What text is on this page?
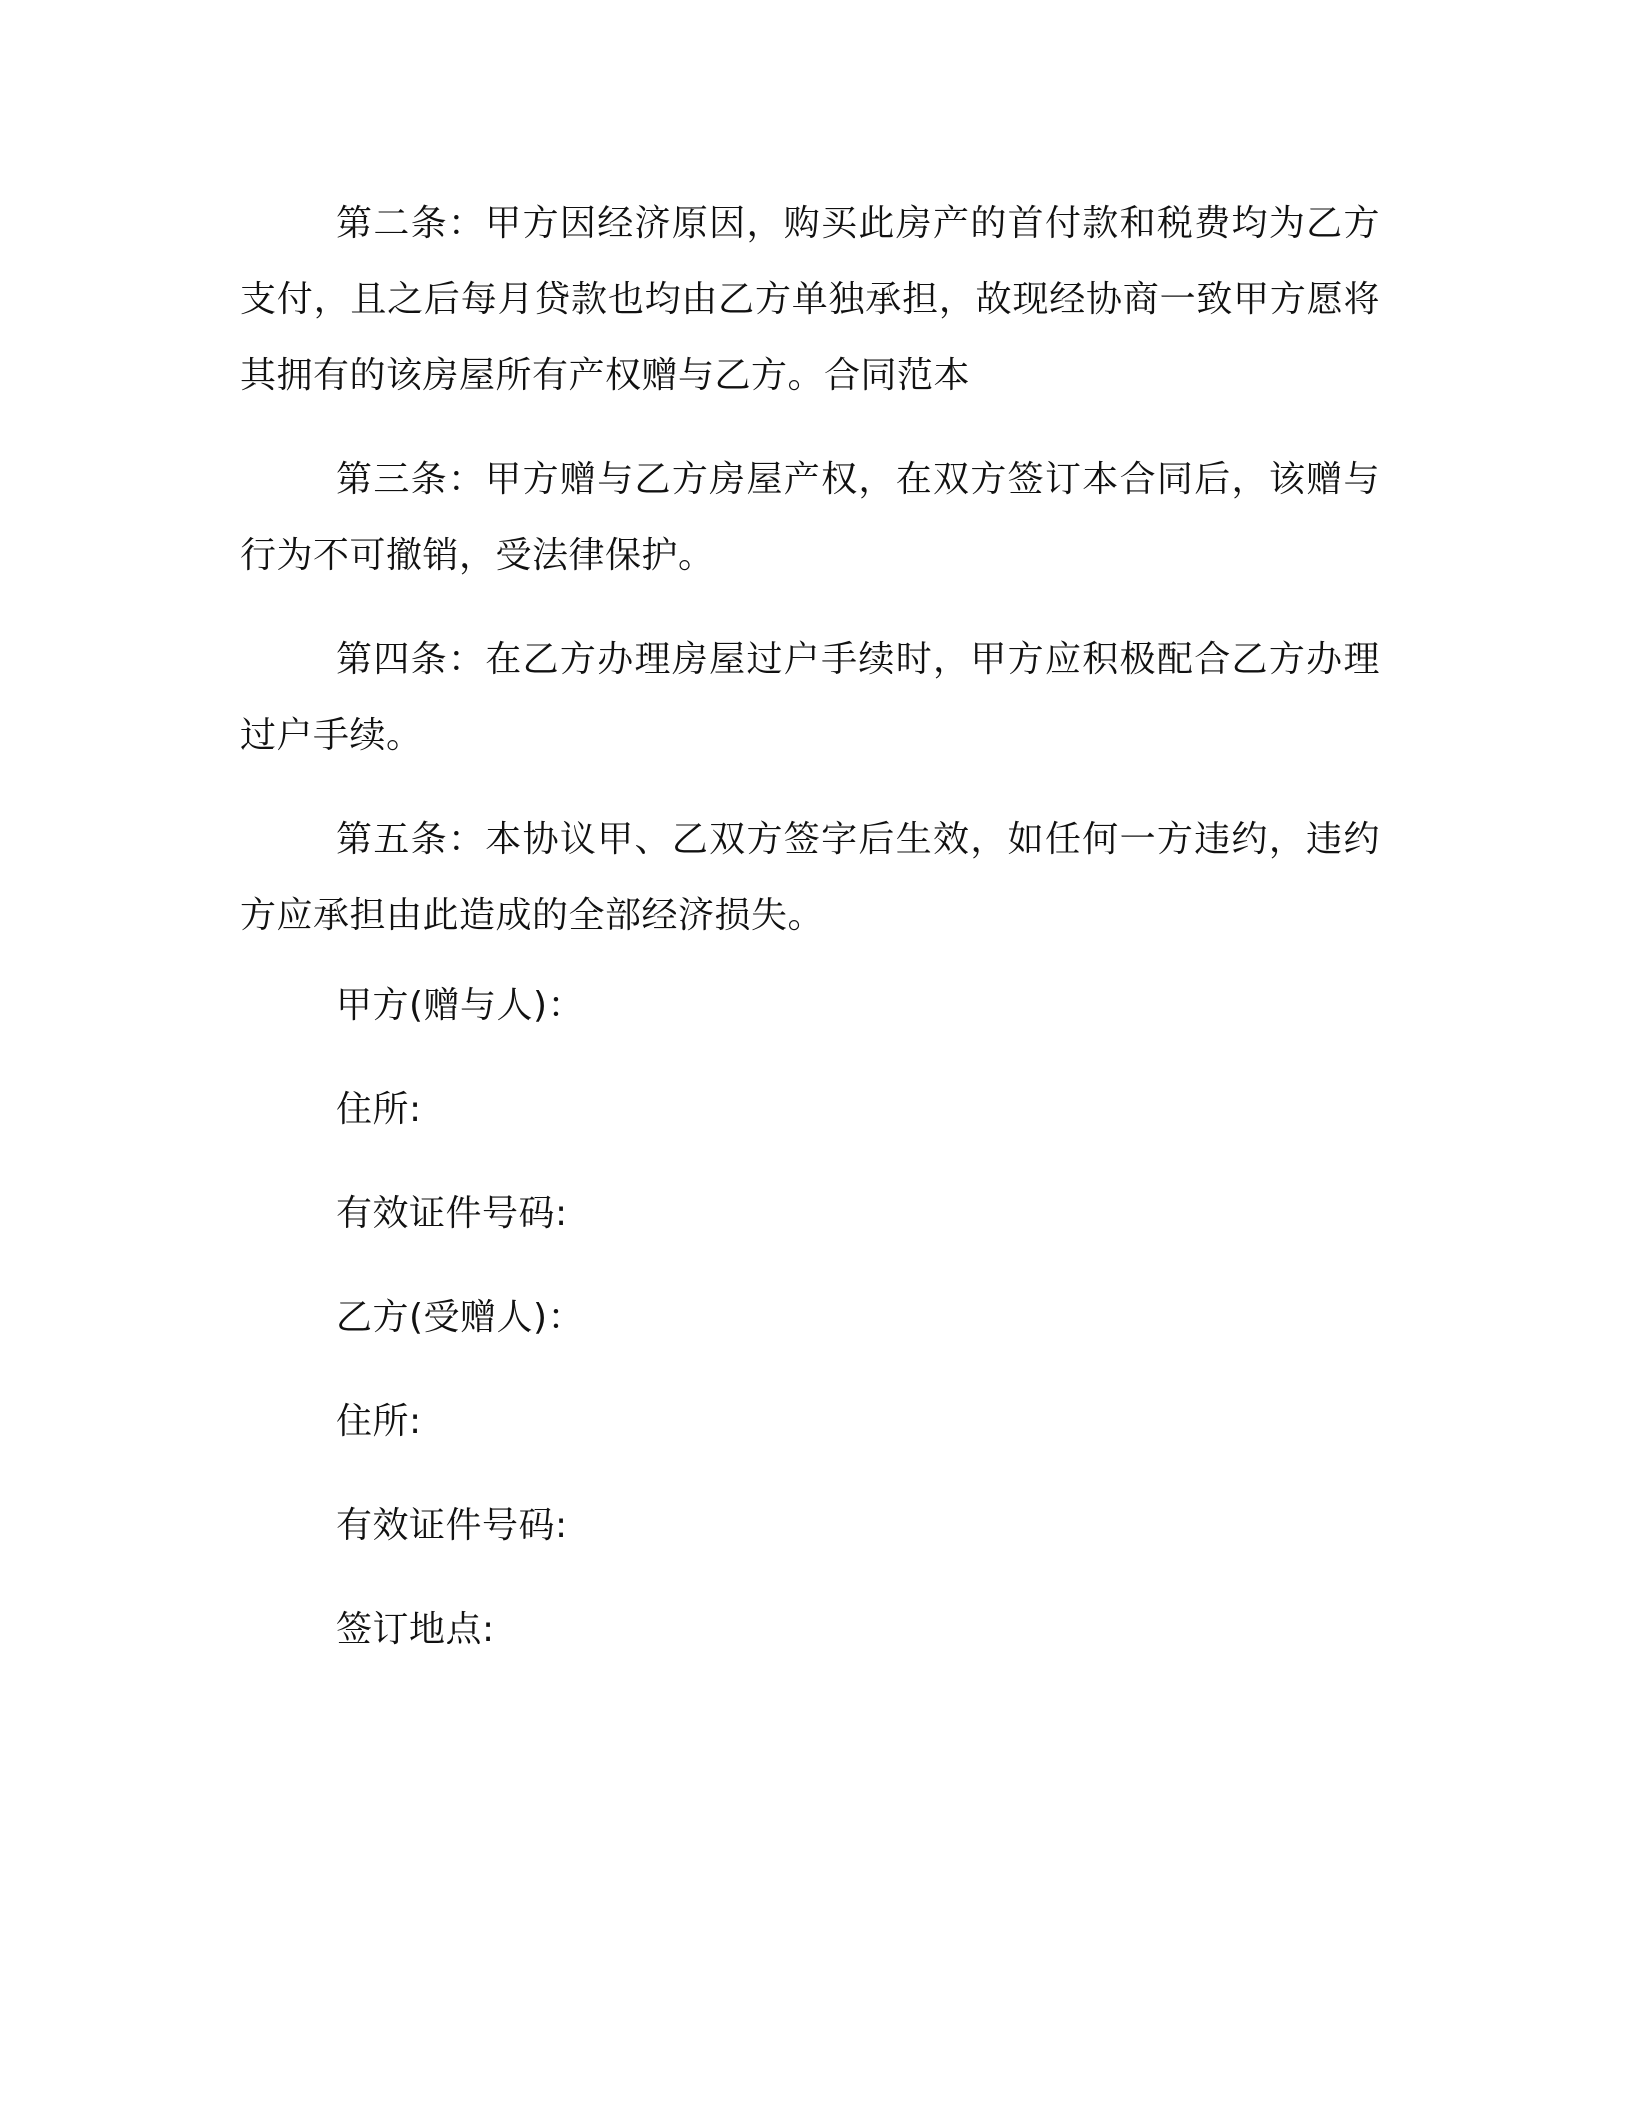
第二条：甲方因经济原因，购买此房产的首付款和税费均为乙方支付，且之后每月贷款也均由乙方单独承担，故现经协商一致甲方愿将其拥有的该房屋所有产权赠与乙方。合同范本

第三条：甲方赠与乙方房屋产权，在双方签订本合同后，该赠与行为不可撤销，受法律保护。

第四条：在乙方办理房屋过户手续时，甲方应积极配合乙方办理过户手续。

第五条：本协议甲、乙双方签字后生效，如任何一方违约，违约方应承担由此造成的全部经济损失。

甲方(赠与人)：

住所:

有效证件号码:

乙方(受赠人)：

住所:

有效证件号码:

签订地点:
